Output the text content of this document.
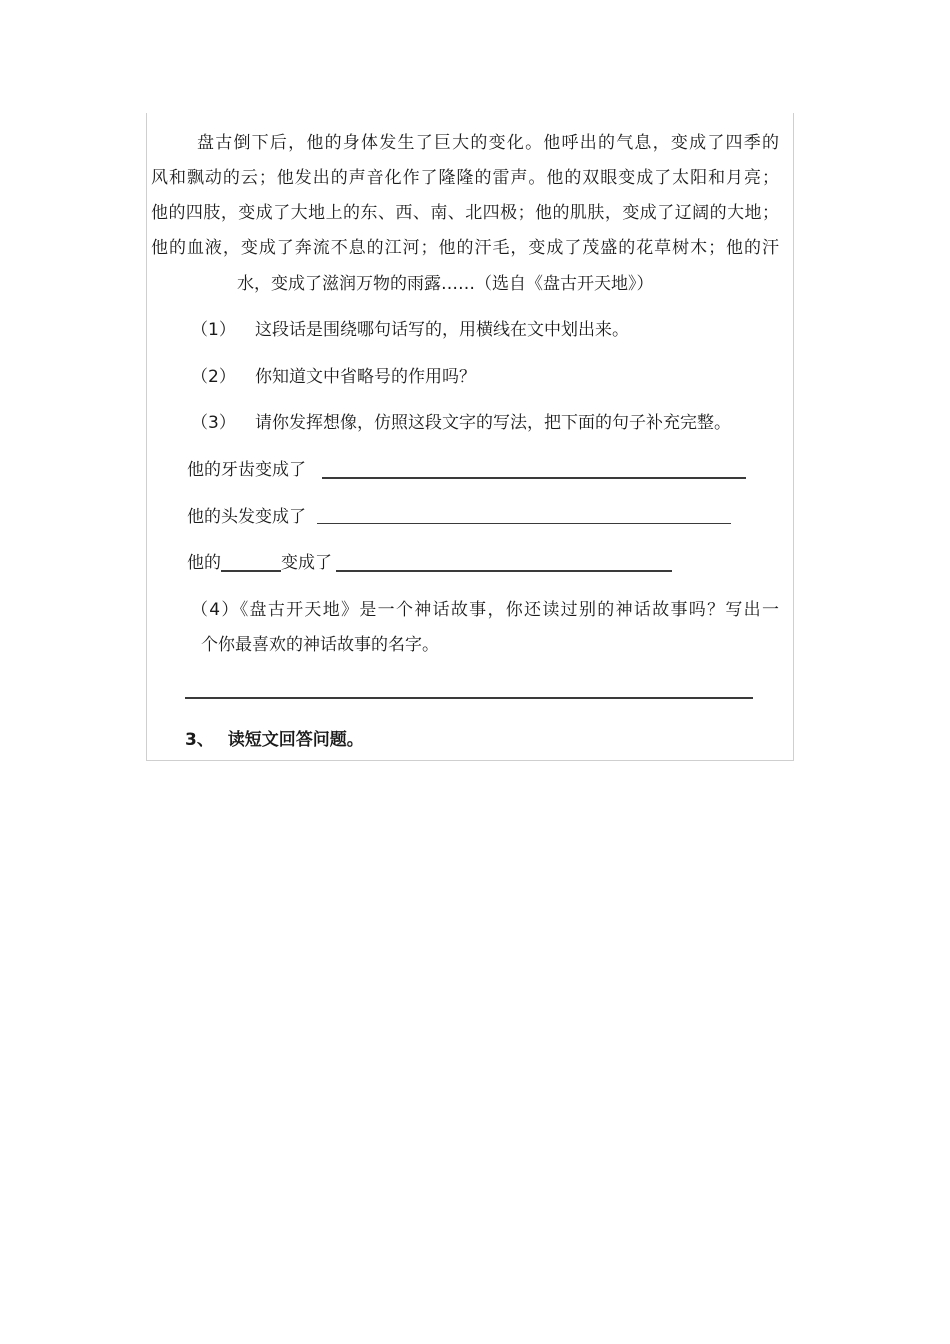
盘古倒下后，他的身体发生了巨大的变化。他呼出的气息，变成了四季的
风和飘动的云；他发出的声音化作了隆隆的雷声。他的双眼变成了太阳和月亮；
他的四肢，变成了大地上的东、西、南、北四极；他的肌肤，变成了辽阔的大地；
他的血液，变成了奔流不息的江河；他的汗毛，变成了茂盛的花草树木；他的汗
水，变成了滋润万物的雨露……（选自《盘古开天地》）
（1） 这段话是围绕哪句话写的，用横线在文中划出来。
（2） 你知道文中省略号的作用吗？
（3） 请你发挥想像，仿照这段文字的写法，把下面的句子补充完整。
他的牙齿变成了
他的头发变成了
他的	变成了
（4）《盘古开天地》是一个神话故事，你还读过别的神话故事吗？写出一
个你最喜欢的神话故事的名字。
3、 读短文回答问题。
